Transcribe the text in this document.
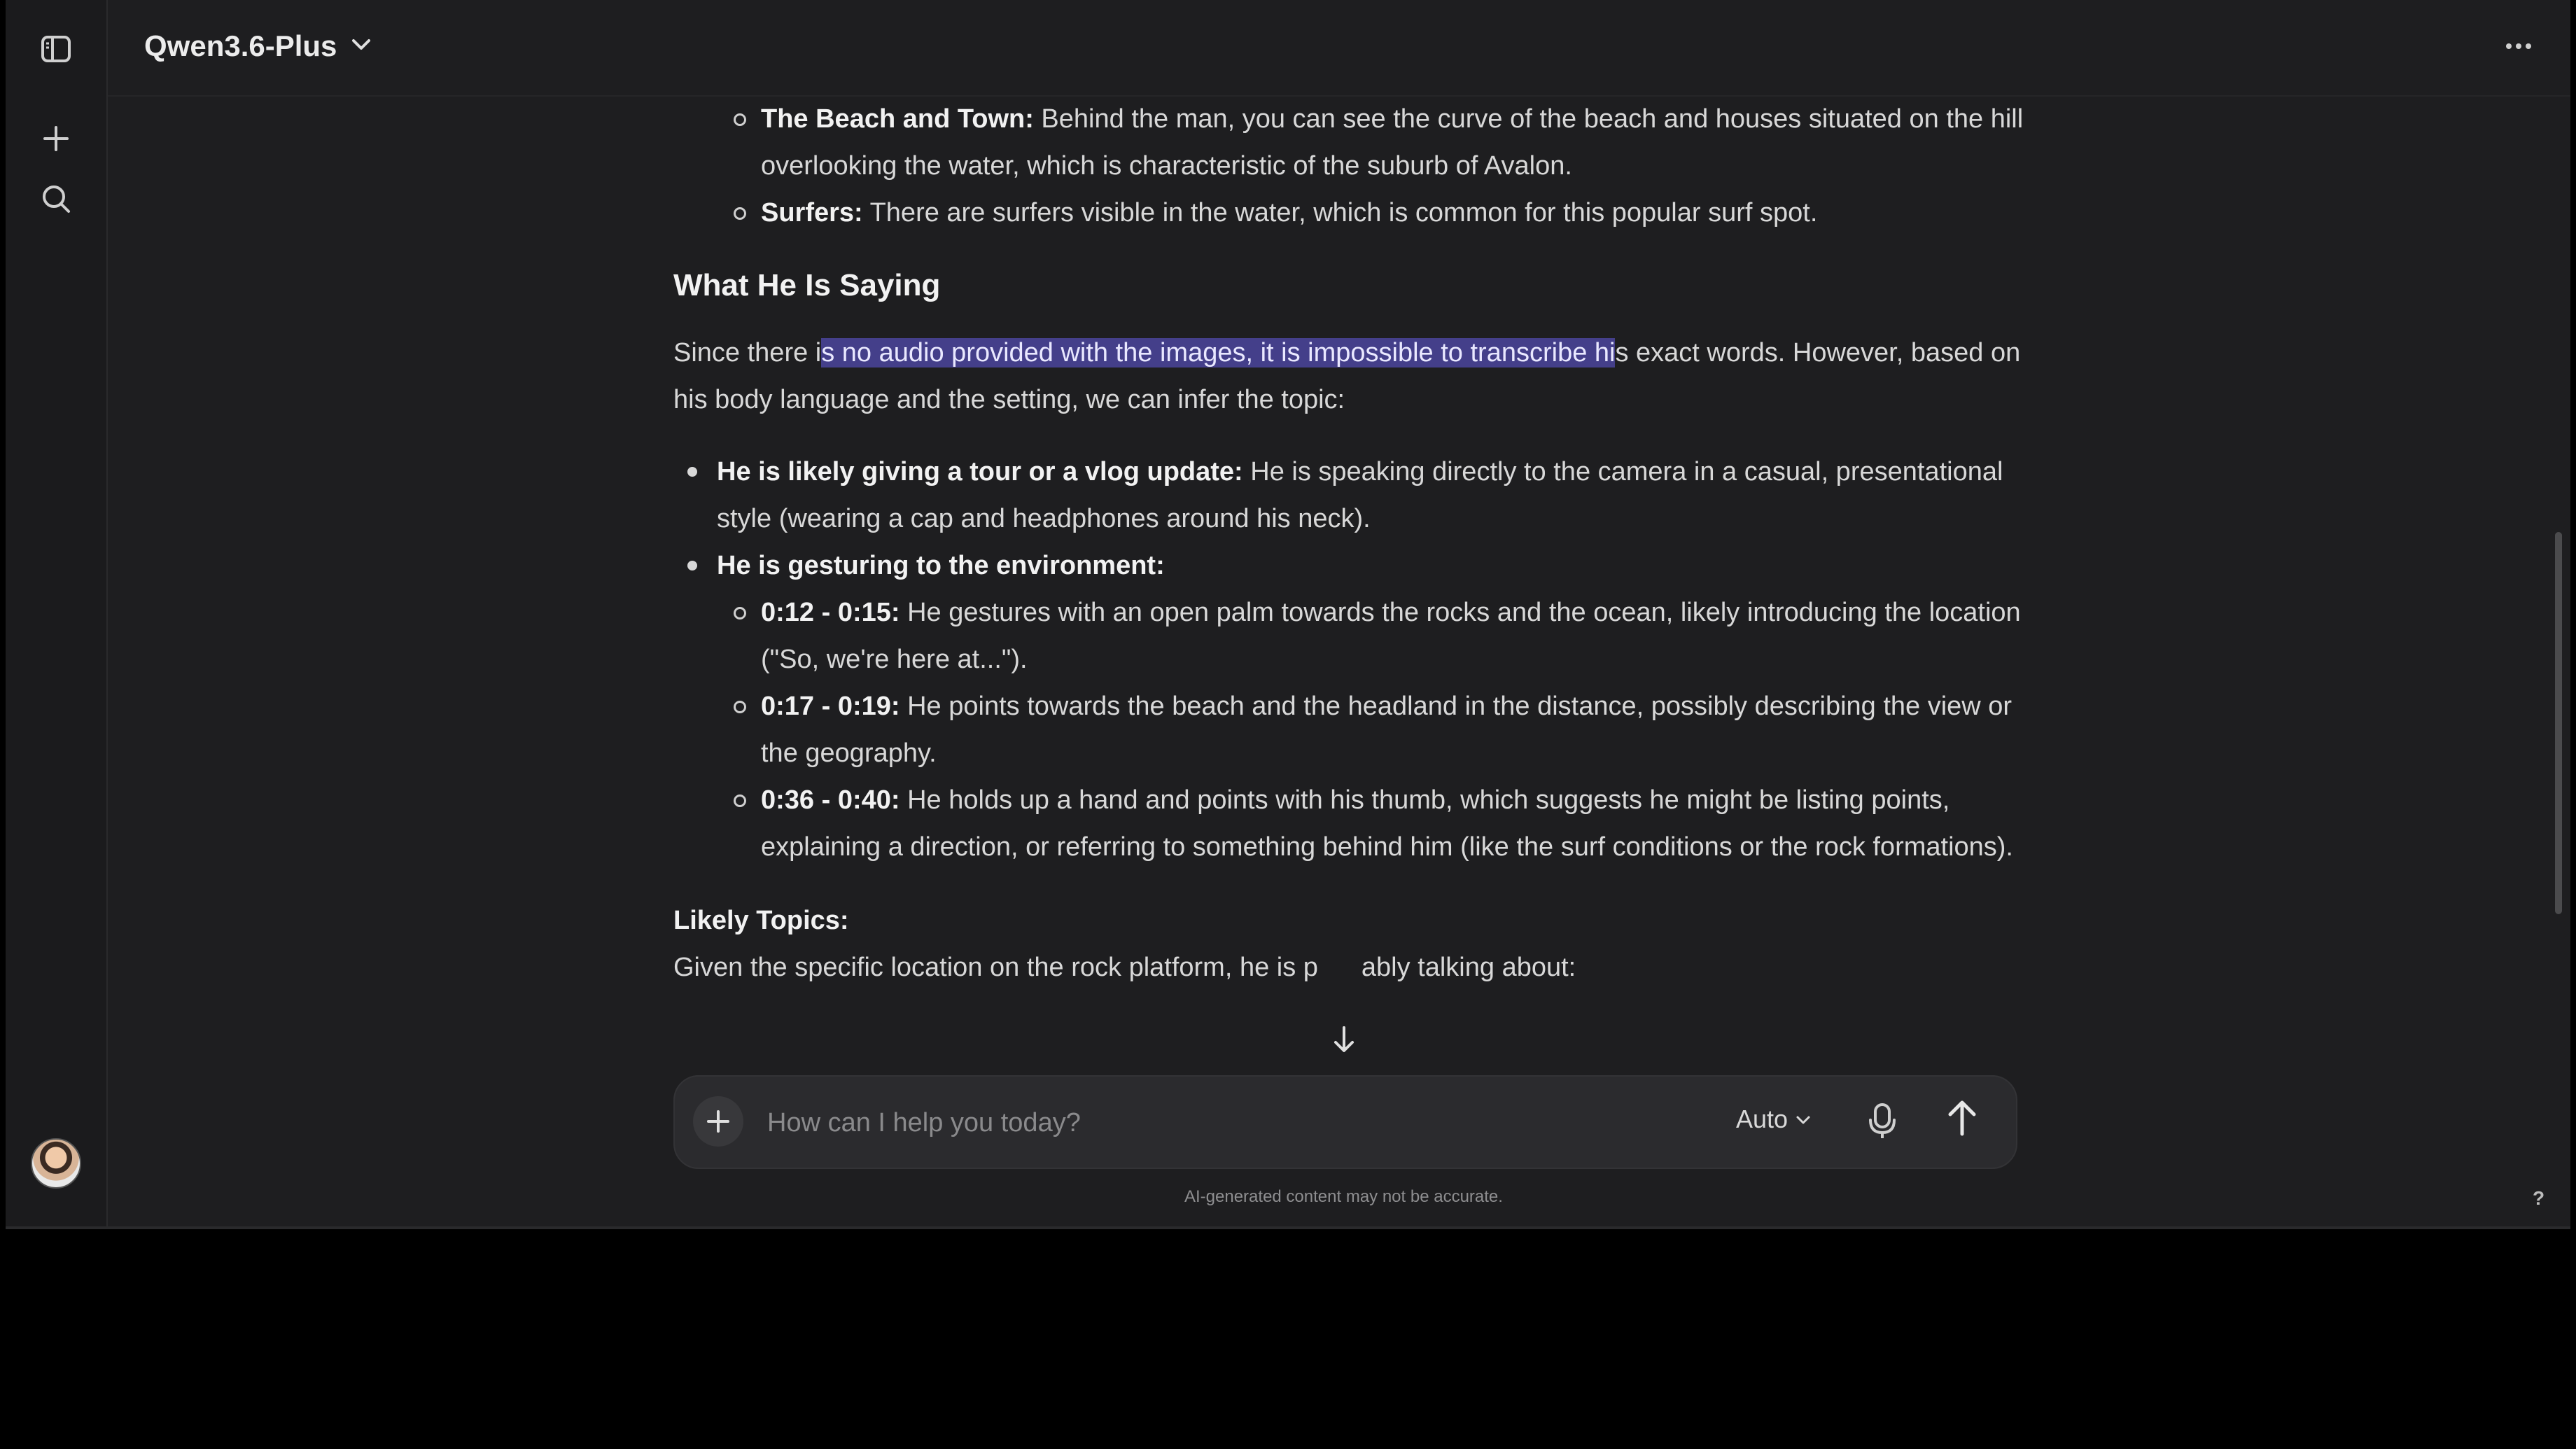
Qwen3.6-Plus
The Beach and Town: Behind the man, you can see the curve of the beach and houses situated on the hill overlooking the water, which is characteristic of the suburb of Avalon.
Surfers: There are surfers visible in the water, which is common for this popular surf spot.
What He Is Saying

Since there is no audio provided with the images, it is impossible to transcribe his exact words. However, based on his body language and the setting, we can infer the topic:

He is likely giving a tour or a vlog update: He is speaking directly to the camera in a casual, presentational style (wearing a cap and headphones around his neck).
He is gesturing to the environment:
0:12 - 0:15: He gestures with an open palm towards the rocks and the ocean, likely introducing the location ("So, we're here at...").
0:17 - 0:19: He points towards the beach and the headland in the distance, possibly describing the view or the geography.
0:36 - 0:40: He holds up a hand and points with his thumb, which suggests he might be listing points, explaining a direction, or referring to something behind him (like the surf conditions or the rock formations).

Likely Topics:

Given the specific location on the rock platform, he is p ably talking about:

How can I help you today?
Auto
AI-generated content may not be accurate.	?
